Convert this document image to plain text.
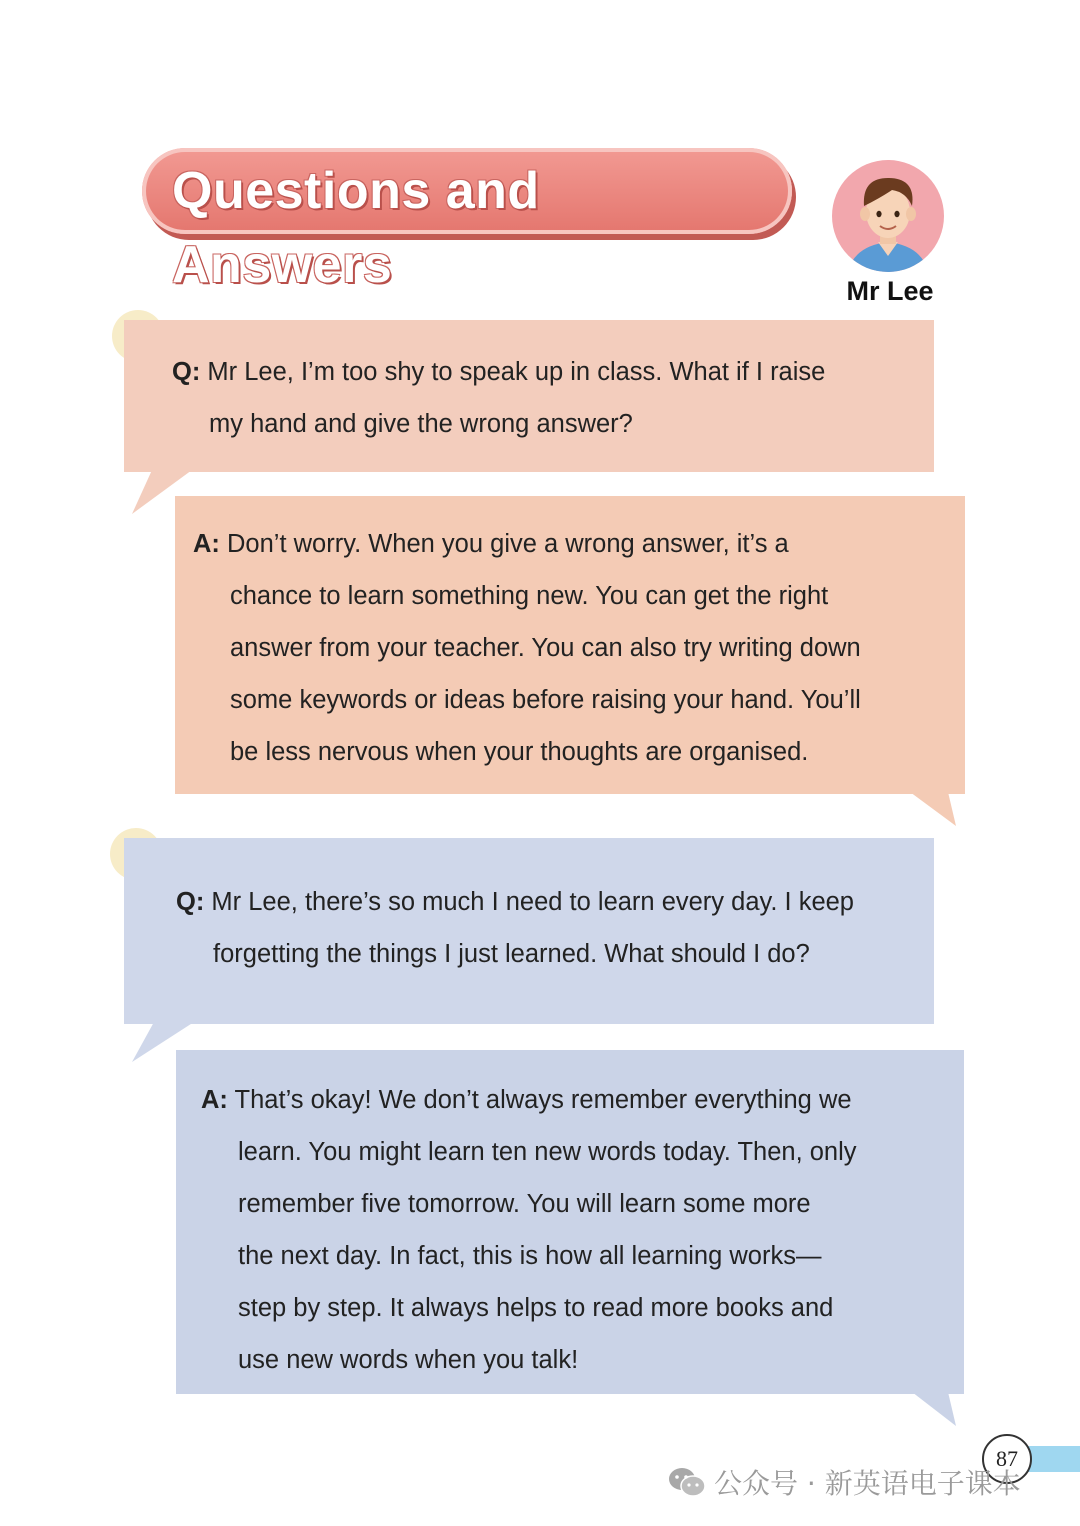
Questions and Answers	Mr Lee
Q: Mr Lee, I’m too shy to speak up in class. What if I raise
my hand and give the wrong answer?
A: Don’t worry. When you give a wrong answer, it’s a
chance to learn something new. You can get the right
answer from your teacher. You can also try writing down
some keywords or ideas before raising your hand. You’ll
be less nervous when your thoughts are organised.
Q: Mr Lee, there’s so much I need to learn every day. I keep
forgetting the things I just learned. What should I do?
A: That’s okay! We don’t always remember everything we
learn. You might learn ten new words today. Then, only
remember five tomorrow. You will learn some more
the next day. In fact, this is how all learning works—
step by step. It always helps to read more books and
use new words when you talk!
87
公众号 · 新英语电子课本
